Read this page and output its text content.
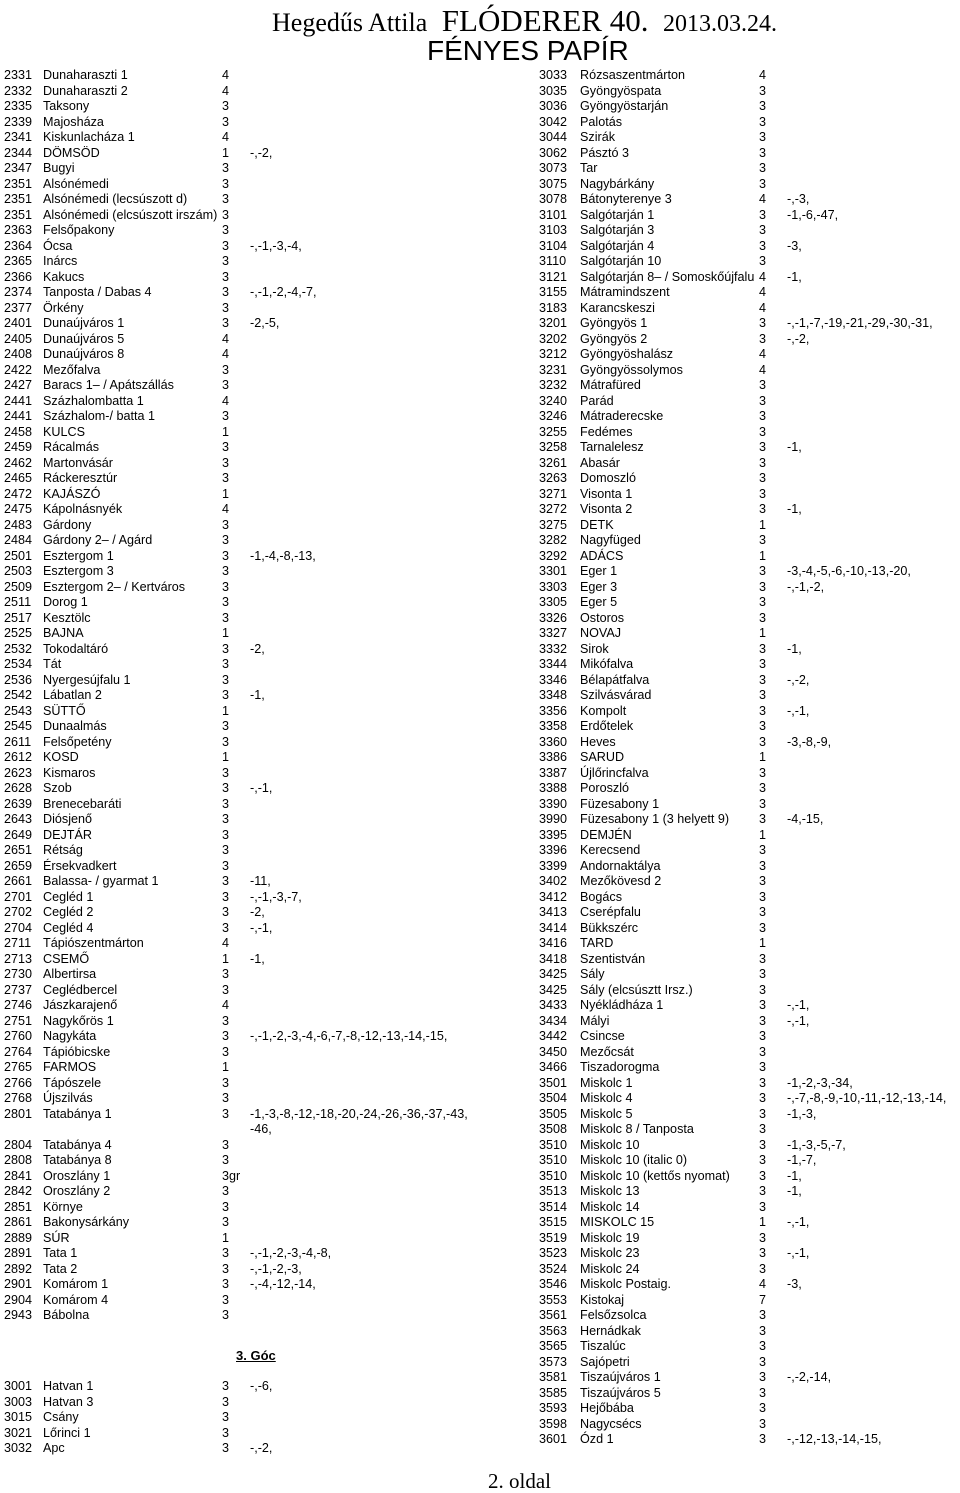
Hegedűs Attila FLÓDERER 40. 2013.03.24.
FÉNYES PAPÍR
2331 Dunaharaszti 1	4
2332 Dunaharaszti 2	4
2335 Taksony	3
2339 Majosháza	3
2341 Kiskunlacháza 1	4
2344 DÖMSÖD	1 -,-2,
2347 Bugyi	3
2351 Alsónémedi	3
2351 Alsónémedi (lecsúszott d)	3
2351 Alsónémedi (elcsúszott irszám) 3
2363 Felsőpakony	3
2364 Ócsa	3 -,-1,-3,-4,
2365 Inárcs	3
2366 Kakucs	3
2374 Tanposta / Dabas 4	3 -,-1,-2,-4,-7,
2377 Örkény	3
2401 Dunaújváros 1	3 -2,-5,
2405 Dunaújváros 5	4
2408 Dunaújváros 8	4
2422 Mezőfalva	3
2427 Baracs 1– / Apátszállás	3
2441 Százhalombatta 1	4
2441 Százhalom-/ batta 1	3
2458 KULCS	1
2459 Rácalmás	3
2462 Martonvásár	3
2465 Ráckeresztúr	3
2472 KAJÁSZÓ	1
2475 Kápolnásnyék	4
2483 Gárdony	3
2484 Gárdony 2– / Agárd	3
2501 Esztergom 1	3 -1,-4,-8,-13,
2503 Esztergom 3	3
2509 Esztergom 2– / Kertváros	3
2511 Dorog 1	3
2517 Kesztölc	3
2525 BAJNA	1
2532 Tokodaltáró	3 -2,
2534 Tát	3
2536 Nyergesújfalu 1	3
2542 Lábatlan 2	3 -1,
2543 SÜTTŐ	1
2545 Dunaalmás	3
2611 Felsőpetény	3
2612 KOSD	1
2623 Kismaros	3
2628 Szob	3 -,-1,
2639 Brenecebaráti	3
2643 Diósjenő	3
2649 DEJTÁR	3
2651 Rétság	3
2659 Érsekvadkert	3
2661 Balassa- / gyarmat 1	3 -11,
2701 Cegléd 1	3 -,-1,-3,-7,
2702 Cegléd 2	3 -2,
2704 Cegléd 4	3 -,-1,
2711 Tápiószentmárton	4
2713 CSEMŐ	1 -1,
2730 Albertirsa	3
2737 Ceglédbercel	3
2746 Jászkarajenő	4
2751 Nagykőrös 1	3
2760 Nagykáta	3 -,-1,-2,-3,-4,-6,-7,-8,-12,-13,-14,-15,
2764 Tápióbicske	3
2765 FARMOS	1
2766 Tápószele	3
2768 Újszilvás	3
2801 Tatabánya 1	3 -1,-3,-8,-12,-18,-20,-24,-26,-36,-37,-43,
-46,
2804 Tatabánya 4	3
2808 Tatabánya 8	3
2841 Oroszlány 1	3gr
2842 Oroszlány 2	3
2851 Környe	3
2861 Bakonysárkány	3
2889 SÚR	1
2891 Tata 1	3 -,-1,-2,-3,-4,-8,
2892 Tata 2	3 -,-1,-2,-3,
2901 Komárom 1	3 -,-4,-12,-14,
2904 Komárom 4	3
2943 Bábolna	3
3. Góc
3001 Hatvan 1	3 -,-6,
3003 Hatvan 3	3
3015 Csány	3
3021 Lőrinci 1	3
3032 Apc	3 -,-2,
3033 Rózsaszentmárton	4
3035 Gyöngyöspata	3
3036 Gyöngyöstarján	3
3042 Palotás	3
3044 Szirák	3
3062 Pásztó 3	3
3073 Tar	3
3075 Nagybárkány	3
3078 Bátonyterenye 3	4 -,-3,
3101 Salgótarján 1	3 -1,-6,-47,
3103 Salgótarján 3	3
3104 Salgótarján 4	3 -3,
3110 Salgótarján 10	3
3121 Salgótarján 8– / Somoskőújfalu 4 -1,
3155 Mátramindszent	4
3183 Karancskeszi	4
3201 Gyöngyös 1	3 -,-1,-7,-19,-21,-29,-30,-31,
3202 Gyöngyös 2	3 -,-2,
3212 Gyöngyöshalász	4
3231 Gyöngyössolymos	4
3232 Mátrafüred	3
3240 Parád	3
3246 Mátraderecske	3
3255 Fedémes	3
3258 Tarnalelesz	3 -1,
3261 Abasár	3
3263 Domoszló	3
3271 Visonta 1	3
3272 Visonta 2	3 -1,
3275 DETK	1
3282 Nagyfüged	3
3292 ADÁCS	1
3301 Eger 1	3 -3,-4,-5,-6,-10,-13,-20,
3303 Eger 3	3 -,-1,-2,
3305 Eger 5	3
3326 Ostoros	3
3327 NOVAJ	1
3332 Sirok	3 -1,
3344 Mikófalva	3
3346 Bélapátfalva	3 -,-2,
3348 Szilvásvárad	3
3356 Kompolt	3 -,-1,
3358 Erdőtelek	3
3360 Heves	3 -3,-8,-9,
3386 SARUD	1
3387 Újlőrincfalva	3
3388 Poroszló	3
3390 Füzesabony 1	3
3990 Füzesabony 1 (3 helyett 9) 3 -4,-15,
3395 DEMJÉN	1
3396 Kerecsend	3
3399 Andornaktálya	3
3402 Mezőkövesd 2	3
3412 Bogács	3
3413 Cserépfalu	3
3414 Bükkszérc	3
3416 TARD	1
3418 Szentistván	3
3425 Sály	3
3425 Sály (elcsúsztt Irsz.)	3
3433 Nyékládháza 1	3 -,-1,
3434 Mályi	3 -,-1,
3442 Csincse	3
3450 Mezőcsát	3
3466 Tiszadorogma	3
3501 Miskolc 1	3 -1,-2,-3,-34,
3504 Miskolc 4	3 -,-7,-8,-9,-10,-11,-12,-13,-14,
3505 Miskolc 5	3 -1,-3,
3508 Miskolc 8 / Tanposta	3
3510 Miskolc 10	3 -1,-3,-5,-7,
3510 Miskolc 10 (italic 0)	3 -1,-7,
3510 Miskolc 10 (kettős nyomat) 3 -1,
3513 Miskolc 13	3 -1,
3514 Miskolc 14	3
3515 MISKOLC 15	1 -,-1,
3519 Miskolc 19	3
3523 Miskolc 23	3 -,-1,
3524 Miskolc 24	3
3546 Miskolc Postaig.	4 -3,
3553 Kistokaj	7
3561 Felsőzsolca	3
3563 Hernádkak	3
3565 Tiszalúc	3
3573 Sajópetri	3
3581 Tiszaújváros 1	3 -,-2,-14,
3585 Tiszaújváros 5	3
3593 Hejőbába	3
3598 Nagycsécs	3
3601 Ózd 1	3 -,-12,-13,-14,-15,
2. oldal
